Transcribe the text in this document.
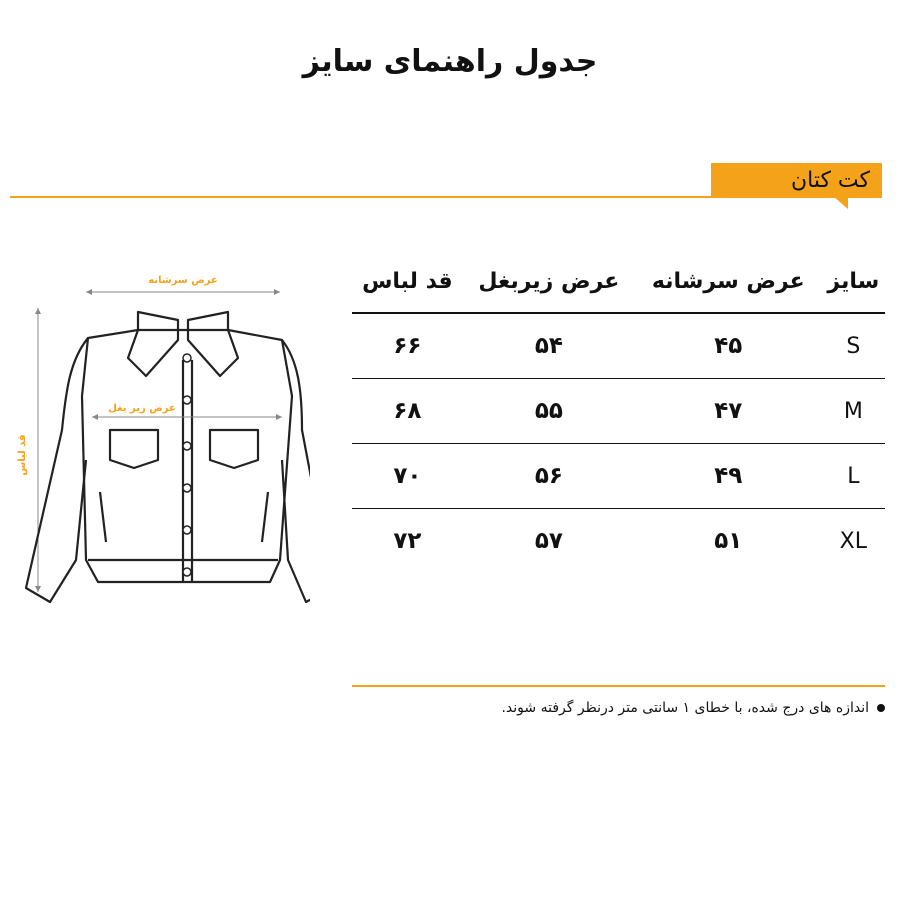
جدول راهنمای سایز
کت کتان
عرض سرشانه
قد لباس
عرض زیر بغل
سایز	عرض سرشانه	عرض زیربغل	قد لباس
S	۴۵	۵۴	۶۶
M	۴۷	۵۵	۶۸
L	۴۹	۵۶	۷۰
XL	۵۱	۵۷	۷۲
اندازه های درج شده، با خطای ۱ سانتی متر درنظر گرفته شوند.
